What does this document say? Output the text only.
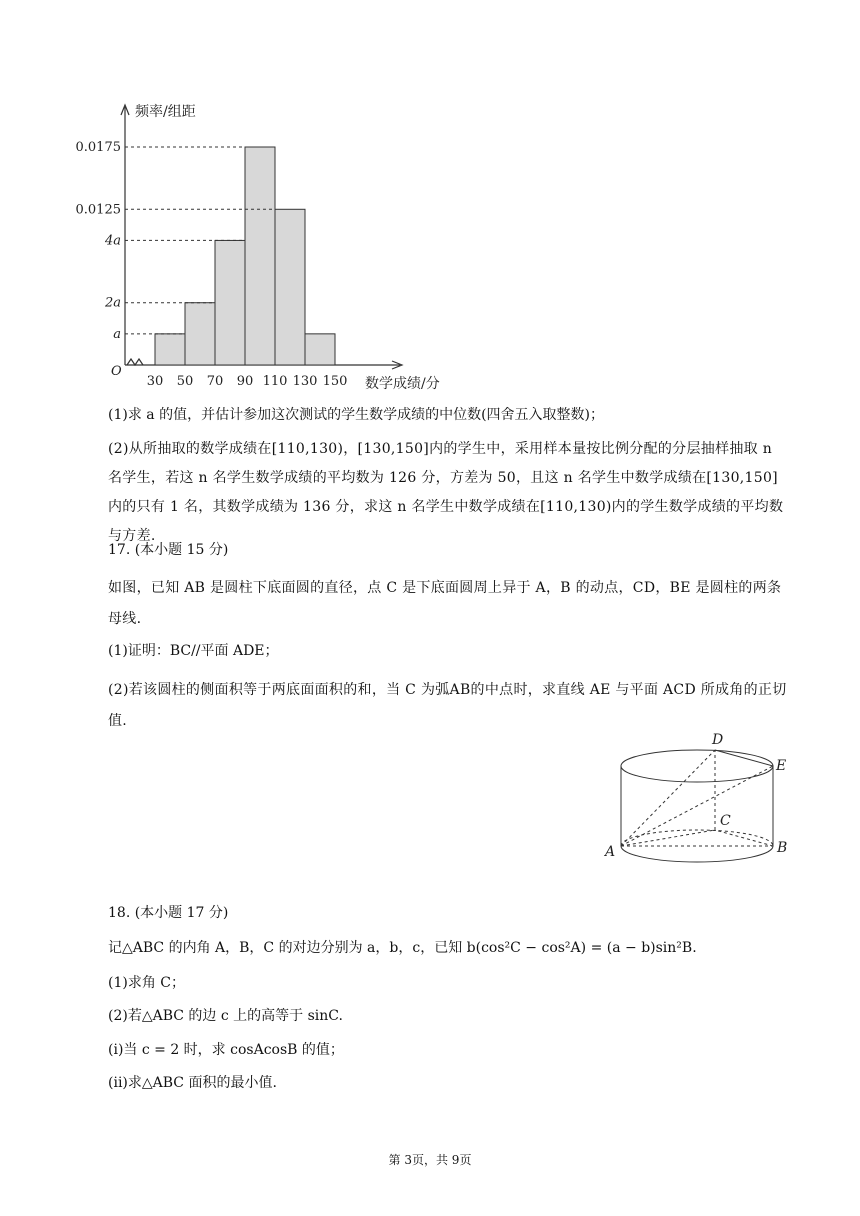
a
2a
4a
0.0125
0.0175
30 50 70 90 110 130 150
O
频率/组距
数学成绩/分

(1)求 a 的值，并估计参加这次测试的学生数学成绩的中位数(四舍五入取整数)；

(2)从所抽取的数学成绩在[110,130)，[130,150]内的学生中，采用样本量按比例分配的分层抽样抽取 n 名学生，若这 n 名学生数学成绩的平均数为 126 分，方差为 50，且这 n 名学生中数学成绩在[130,150]内的只有 1 名，其数学成绩为 136 分，求这 n 名学生中数学成绩在[110,130)内的学生数学成绩的平均数与方差.

17. (本小题 15 分)

如图，已知 AB 是圆柱下底面圆的直径，点 C 是下底面圆周上异于 A，B 的动点，CD，BE 是圆柱的两条母线.

(1)证明：BC//平面 ADE；

(2)若该圆柱的侧面积等于两底面面积的和，当 C 为弧AB的中点时，求直线 AE 与平面 ACD 所成角的正切值.

A	B
C
D
E

18. (本小题 17 分)

记△ABC 的内角 A，B，C 的对边分别为 a，b，c，已知 b(cos²C − cos²A) = (a − b)sin²B.

(1)求角 C；

(2)若△ABC 的边 c 上的高等于 sinC.

(i)当 c = 2 时，求 cosAcosB 的值；

(ii)求△ABC 面积的最小值.

第 3页，共 9页
